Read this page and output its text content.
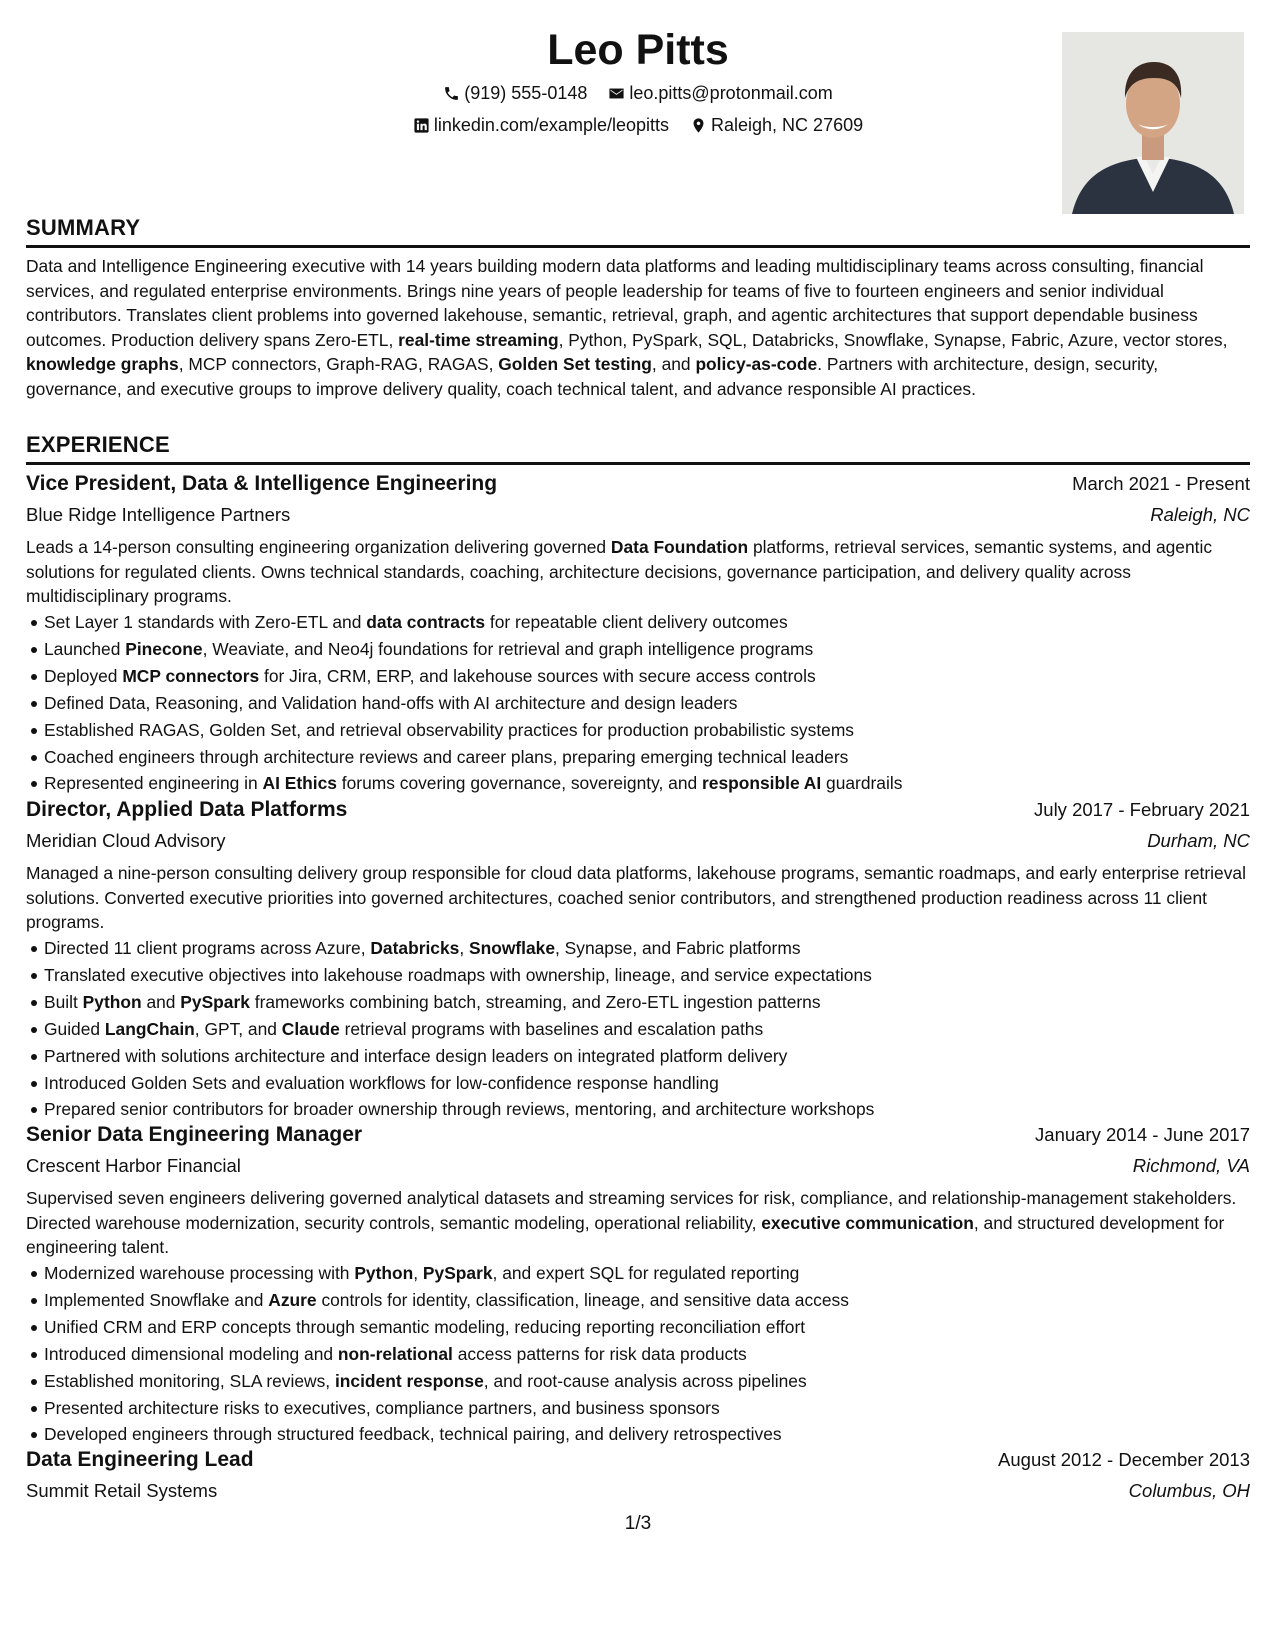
Leo Pitts
(919) 555-0148
leo.pitts@protonmail.com
linkedin.com/example/leopitts
Raleigh, NC 27609
SUMMARY
Data and Intelligence Engineering executive with 14 years building modern data platforms and leading multidisciplinary teams across consulting, financial services, and regulated enterprise environments. Brings nine years of people leadership for teams of five to fourteen engineers and senior individual contributors. Translates client problems into governed lakehouse, semantic, retrieval, graph, and agentic architectures that support dependable business outcomes. Production delivery spans Zero-ETL, real-time streaming, Python, PySpark, SQL, Databricks, Snowflake, Synapse, Fabric, Azure, vector stores, knowledge graphs, MCP connectors, Graph-RAG, RAGAS, Golden Set testing, and policy-as-code. Partners with architecture, design, security, governance, and executive groups to improve delivery quality, coach technical talent, and advance responsible AI practices.
EXPERIENCE
Vice President, Data & Intelligence Engineering	March 2021 - Present
Blue Ridge Intelligence Partners	Raleigh, NC
Leads a 14-person consulting engineering organization delivering governed Data Foundation platforms, retrieval services, semantic systems, and agentic solutions for regulated clients. Owns technical standards, coaching, architecture decisions, governance participation, and delivery quality across multidisciplinary programs.
Set Layer 1 standards with Zero-ETL and data contracts for repeatable client delivery outcomes
Launched Pinecone, Weaviate, and Neo4j foundations for retrieval and graph intelligence programs
Deployed MCP connectors for Jira, CRM, ERP, and lakehouse sources with secure access controls
Defined Data, Reasoning, and Validation hand-offs with AI architecture and design leaders
Established RAGAS, Golden Set, and retrieval observability practices for production probabilistic systems
Coached engineers through architecture reviews and career plans, preparing emerging technical leaders
Represented engineering in AI Ethics forums covering governance, sovereignty, and responsible AI guardrails
Director, Applied Data Platforms	July 2017 - February 2021
Meridian Cloud Advisory	Durham, NC
Managed a nine-person consulting delivery group responsible for cloud data platforms, lakehouse programs, semantic roadmaps, and early enterprise retrieval solutions. Converted executive priorities into governed architectures, coached senior contributors, and strengthened production readiness across 11 client programs.
Directed 11 client programs across Azure, Databricks, Snowflake, Synapse, and Fabric platforms
Translated executive objectives into lakehouse roadmaps with ownership, lineage, and service expectations
Built Python and PySpark frameworks combining batch, streaming, and Zero-ETL ingestion patterns
Guided LangChain, GPT, and Claude retrieval programs with baselines and escalation paths
Partnered with solutions architecture and interface design leaders on integrated platform delivery
Introduced Golden Sets and evaluation workflows for low-confidence response handling
Prepared senior contributors for broader ownership through reviews, mentoring, and architecture workshops
Senior Data Engineering Manager	January 2014 - June 2017
Crescent Harbor Financial	Richmond, VA
Supervised seven engineers delivering governed analytical datasets and streaming services for risk, compliance, and relationship-management stakeholders. Directed warehouse modernization, security controls, semantic modeling, operational reliability, executive communication, and structured development for engineering talent.
Modernized warehouse processing with Python, PySpark, and expert SQL for regulated reporting
Implemented Snowflake and Azure controls for identity, classification, lineage, and sensitive data access
Unified CRM and ERP concepts through semantic modeling, reducing reporting reconciliation effort
Introduced dimensional modeling and non-relational access patterns for risk data products
Established monitoring, SLA reviews, incident response, and root-cause analysis across pipelines
Presented architecture risks to executives, compliance partners, and business sponsors
Developed engineers through structured feedback, technical pairing, and delivery retrospectives
Data Engineering Lead	August 2012 - December 2013
Summit Retail Systems	Columbus, OH
1/3
